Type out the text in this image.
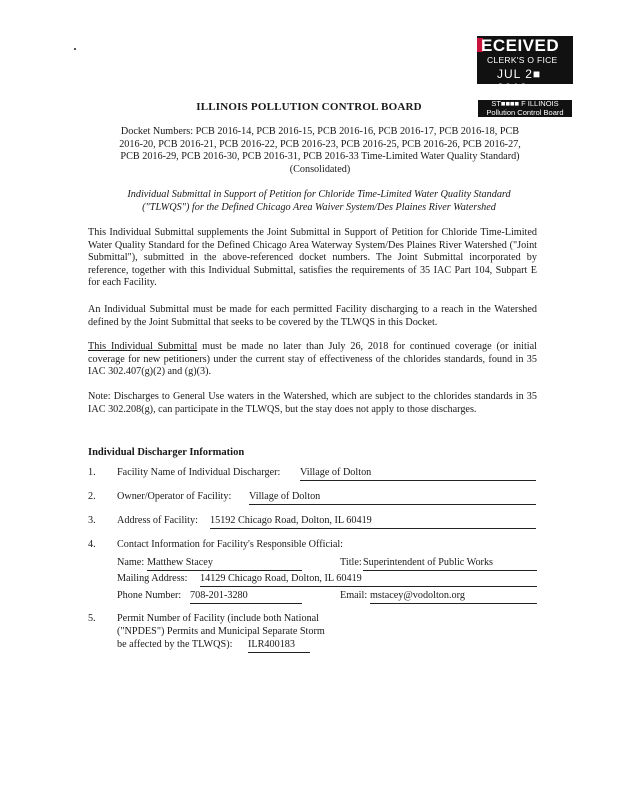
ECEIVED
CLERK'S O FICE
JUL 2■ 2018
ST■■■■ F ILLINOIS
Pollution Control Board
ILLINOIS POLLUTION CONTROL BOARD
Docket Numbers: PCB 2016-14, PCB 2016-15, PCB 2016-16, PCB 2016-17, PCB 2016-18, PCB 2016-20, PCB 2016-21, PCB 2016-22, PCB 2016-23, PCB 2016-25, PCB 2016-26, PCB 2016-27, PCB 2016-29, PCB 2016-30, PCB 2016-31, PCB 2016-33 Time-Limited Water Quality Standard) (Consolidated)
Individual Submittal in Support of Petition for Chloride Time-Limited Water Quality Standard ("TLWQS") for the Defined Chicago Area Waiver System/Des Plaines River Watershed
This Individual Submittal supplements the Joint Submittal in Support of Petition for Chloride Time-Limited Water Quality Standard for the Defined Chicago Area Waterway System/Des Plaines River Watershed ("Joint Submittal"), submitted in the above-referenced docket numbers. The Joint Submittal incorporated by reference, together with this Individual Submittal, satisfies the requirements of 35 IAC Part 104, Subpart E for each Facility.
An Individual Submittal must be made for each permitted Facility discharging to a reach in the Watershed defined by the Joint Submittal that seeks to be covered by the TLWQS in this Docket.
This Individual Submittal must be made no later than July 26, 2018 for continued coverage (or initial coverage for new petitioners) under the current stay of effectiveness of the chlorides standards, found in 35 IAC 302.407(g)(2) and (g)(3).
Note: Discharges to General Use waters in the Watershed, which are subject to the chlorides standards in 35 IAC 302.208(g), can participate in the TLWQS, but the stay does not apply to those discharges.
Individual Discharger Information
1. Facility Name of Individual Discharger: Village of Dolton
2. Owner/Operator of Facility: Village of Dolton
3. Address of Facility: 15192 Chicago Road, Dolton, IL 60419
4. Contact Information for Facility's Responsible Official:
Name: Matthew Stacey	Title: Superintendent of Public Works
Mailing Address: 14129 Chicago Road, Dolton, IL 60419
Phone Number: 708-201-3280	Email: mstacey@vodolton.org
5. Permit Number of Facility (include both National
("NPDES") Permits and Municipal Separate Storm
be affected by the TLWQS): ILR400183
